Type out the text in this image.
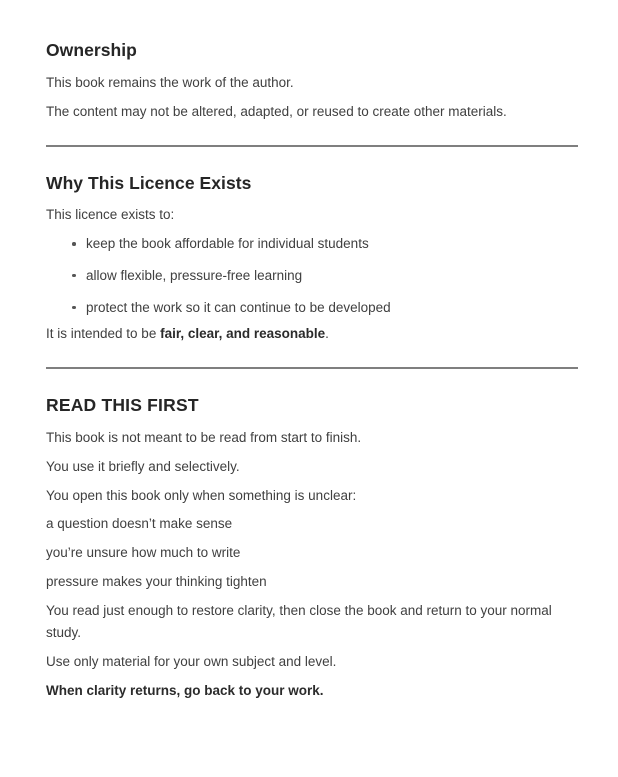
Ownership

This book remains the work of the author.

The content may not be altered, adapted, or reused to create other materials.

Why This Licence Exists

This licence exists to:

keep the book affordable for individual students
allow flexible, pressure-free learning
protect the work so it can continue to be developed

It is intended to be fair, clear, and reasonable.

READ THIS FIRST

This book is not meant to be read from start to finish.

You use it briefly and selectively.

You open this book only when something is unclear:

a question doesn’t make sense

you’re unsure how much to write

pressure makes your thinking tighten

You read just enough to restore clarity, then close the book and return to your normal study.

Use only material for your own subject and level.

When clarity returns, go back to your work.
